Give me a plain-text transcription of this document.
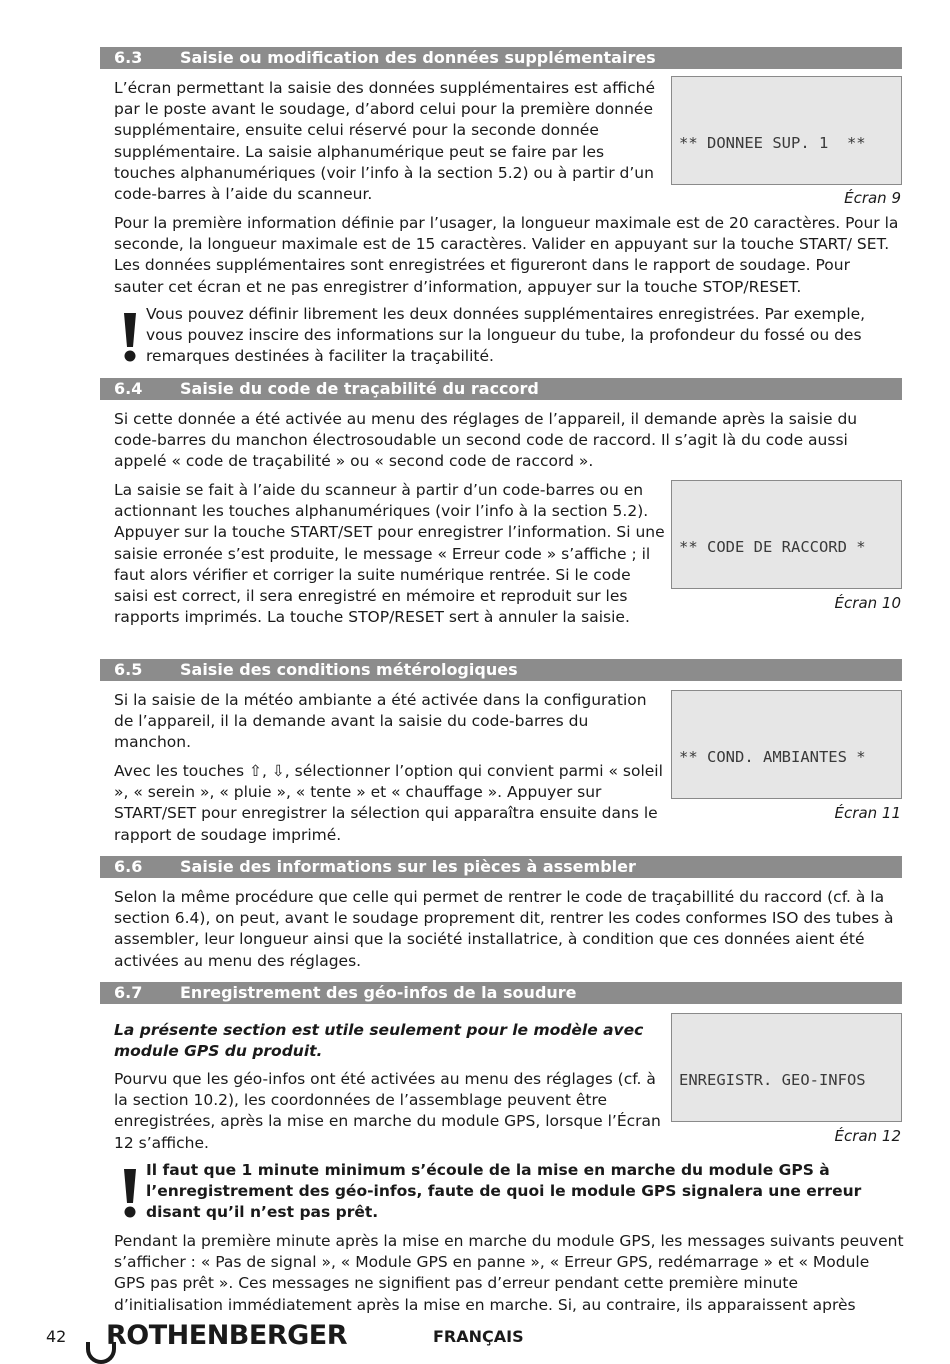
6.3 Saisie ou modification des données supplémentaires

L’écran permettant la saisie des données supplémentaires est affiché par le poste avant le soudage, d’abord celui pour la première donnée supplémentaire, ensuite celui réservé pour la seconde donnée supplémentaire. La saisie alphanumérique peut se faire par les touches alphanumériques (voir l’info à la section 5.2) ou à partir d’un code-barres à l’aide du scanneur.

** DONNEE SUP. 1  **

Écran 9

Pour la première information définie par l’usager, la longueur maximale est de 20 caractères. Pour la seconde, la longueur maximale est de 15 caractères. Valider en appuyant sur la touche START/ SET. Les données supplémentaires sont enregistrées et figureront dans le rapport de soudage. Pour sauter cet écran et ne pas enregistrer d’information, appuyer sur la touche STOP/RESET.

Vous pouvez définir librement les deux données supplémentaires enregistrées. Par exemple, vous pouvez inscire des informations sur la longueur du tube, la profondeur du fossé ou des remarques destinées à faciliter la traçabilité.

6.4 Saisie du code de traçabilité du raccord

Si cette donnée a été activée au menu des réglages de l’appareil, il demande après la saisie du code-barres du manchon électrosoudable un second code de raccord. Il s’agit là du code aussi appelé « code de traçabilité » ou « second code de raccord ».

La saisie se fait à l’aide du scanneur à partir d’un code-barres ou en actionnant les touches alphanumériques (voir l’info à la section 5.2). Appuyer sur la touche START/SET pour enregistrer l’information. Si une saisie erronée s’est produite, le message « Erreur code » s’affiche ; il faut alors vérifier et corriger la suite numérique rentrée. Si le code saisi est correct, il sera enregistré en mémoire et reproduit sur les rapports imprimés. La touche STOP/RESET sert à annuler la saisie.

** CODE DE RACCORD *

Écran 10
6.5 Saisie des conditions métérologiques

Si la saisie de la météo ambiante a été activée dans la configuration de l’appareil, il la demande avant la saisie du code-barres du manchon.

Avec les touches ⇧, ⇩, sélectionner l’option qui convient parmi « soleil », « serein », « pluie », « tente » et « chauffage ». Appuyer sur START/SET pour enregistrer la sélection qui apparaîtra ensuite dans le rapport de soudage imprimé.

** COND. AMBIANTES *

Écran 11
6.6 Saisie des informations sur les pièces à assembler

Selon la même procédure que celle qui permet de rentrer le code de traçabillité du raccord (cf. à la section 6.4), on peut, avant le soudage proprement dit, rentrer les codes conformes ISO des tubes à assembler, leur longueur ainsi que la société installatrice, à condition que ces données aient été activées au menu des réglages.

6.7 Enregistrement des géo-infos de la soudure

La présente section est utile seulement pour le modèle avec module GPS du produit.

Pourvu que les géo-infos ont été activées au menu des réglages (cf. à la section 10.2), les coordonnées de l’assemblage peuvent être enregistrées, après la mise en marche du module GPS, lorsque l’Écran 12 s’affiche.

ENREGISTR. GEO-INFOS

Écran 12

Il faut que 1 minute minimum s’écoule de la mise en marche du module GPS à l’enregistrement des géo-infos, faute de quoi le module GPS signalera une erreur disant qu’il n’est pas prêt.

Pendant la première minute après la mise en marche du module GPS, les messages suivants peuvent s’afficher : « Pas de signal », « Module GPS en panne », « Erreur GPS, redémarrage » et « Module GPS pas prêt ». Ces messages ne signifient pas d’erreur pendant cette première minute d’initialisation immédiatement après la mise en marche. Si, au contraire, ils apparaissent après

42	ROTHENBERGER	FRANÇAIS
